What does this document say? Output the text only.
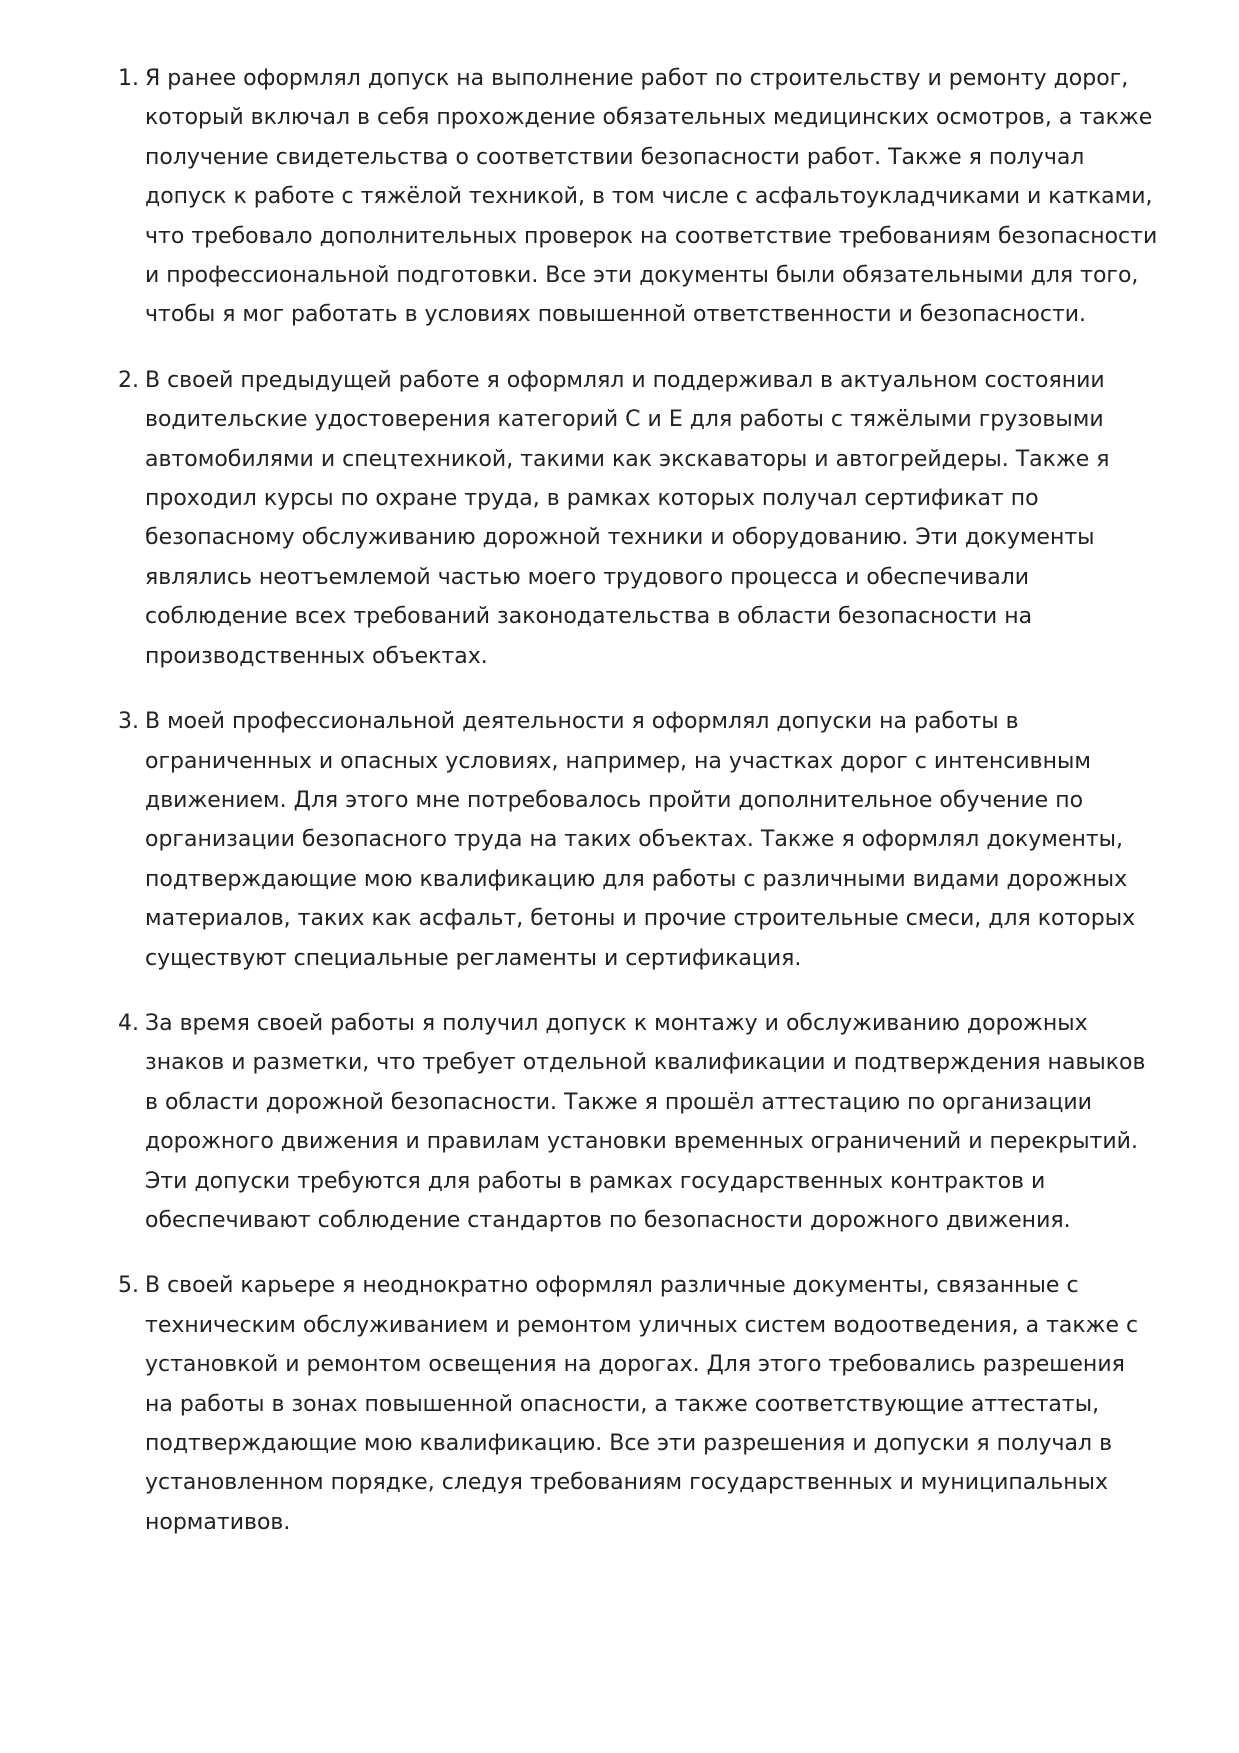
1. Я ранее оформлял допуск на выполнение работ по строительству и ремонту дорог, который включал в себя прохождение обязательных медицинских осмотров, а также получение свидетельства о соответствии безопасности работ. Также я получал допуск к работе с тяжёлой техникой, в том числе с асфальтоукладчиками и катками, что требовало дополнительных проверок на соответствие требованиям безопасности и профессиональной подготовки. Все эти документы были обязательными для того, чтобы я мог работать в условиях повышенной ответственности и безопасности.
2. В своей предыдущей работе я оформлял и поддерживал в актуальном состоянии водительские удостоверения категорий C и E для работы с тяжёлыми грузовыми автомобилями и спецтехникой, такими как экскаваторы и автогрейдеры. Также я проходил курсы по охране труда, в рамках которых получал сертификат по безопасному обслуживанию дорожной техники и оборудованию. Эти документы являлись неотъемлемой частью моего трудового процесса и обеспечивали соблюдение всех требований законодательства в области безопасности на производственных объектах.
3. В моей профессиональной деятельности я оформлял допуски на работы в ограниченных и опасных условиях, например, на участках дорог с интенсивным движением. Для этого мне потребовалось пройти дополнительное обучение по организации безопасного труда на таких объектах. Также я оформлял документы, подтверждающие мою квалификацию для работы с различными видами дорожных материалов, таких как асфальт, бетоны и прочие строительные смеси, для которых существуют специальные регламенты и сертификация.
4. За время своей работы я получил допуск к монтажу и обслуживанию дорожных знаков и разметки, что требует отдельной квалификации и подтверждения навыков в области дорожной безопасности. Также я прошёл аттестацию по организации дорожного движения и правилам установки временных ограничений и перекрытий. Эти допуски требуются для работы в рамках государственных контрактов и обеспечивают соблюдение стандартов по безопасности дорожного движения.
5. В своей карьере я неоднократно оформлял различные документы, связанные с техническим обслуживанием и ремонтом уличных систем водоотведения, а также с установкой и ремонтом освещения на дорогах. Для этого требовались разрешения на работы в зонах повышенной опасности, а также соответствующие аттестаты, подтверждающие мою квалификацию. Все эти разрешения и допуски я получал в установленном порядке, следуя требованиям государственных и муниципальных нормативов.
